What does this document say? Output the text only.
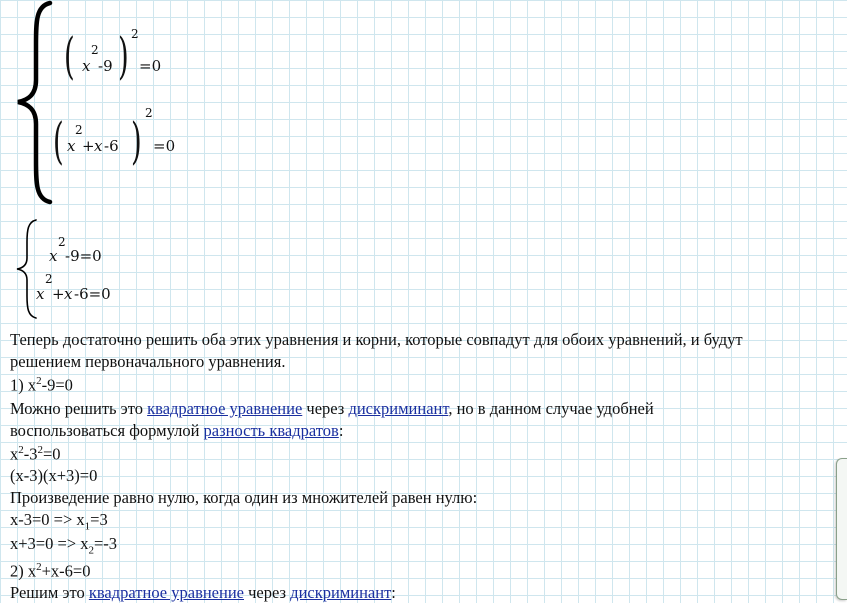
( x
2
-9 ) 2
=0
( x
2
+ x -6 ) 2
=0
x
2
-9=0
x
2
+ x -6=0
Теперь достаточно решить оба этих уравнения и корни, которые совпадут для обоих уравнений, и будут
решением первоначального уравнения.
1) $x^2-9=0$
Можно решить это квадратное уравнение через дискриминант, но в данном случае удобней
воспользоваться формулой разность квадратов:
$x^2-3^2=0$
(x-3)(x+3)=0
Произведение равно нулю, когда один из множителей равен нулю:
$x-3=0 => x_1=3$
$x+3=0 => x_2=-3$
2) $x^2+x-6=0$
Решим это квадратное уравнение через дискриминант:
